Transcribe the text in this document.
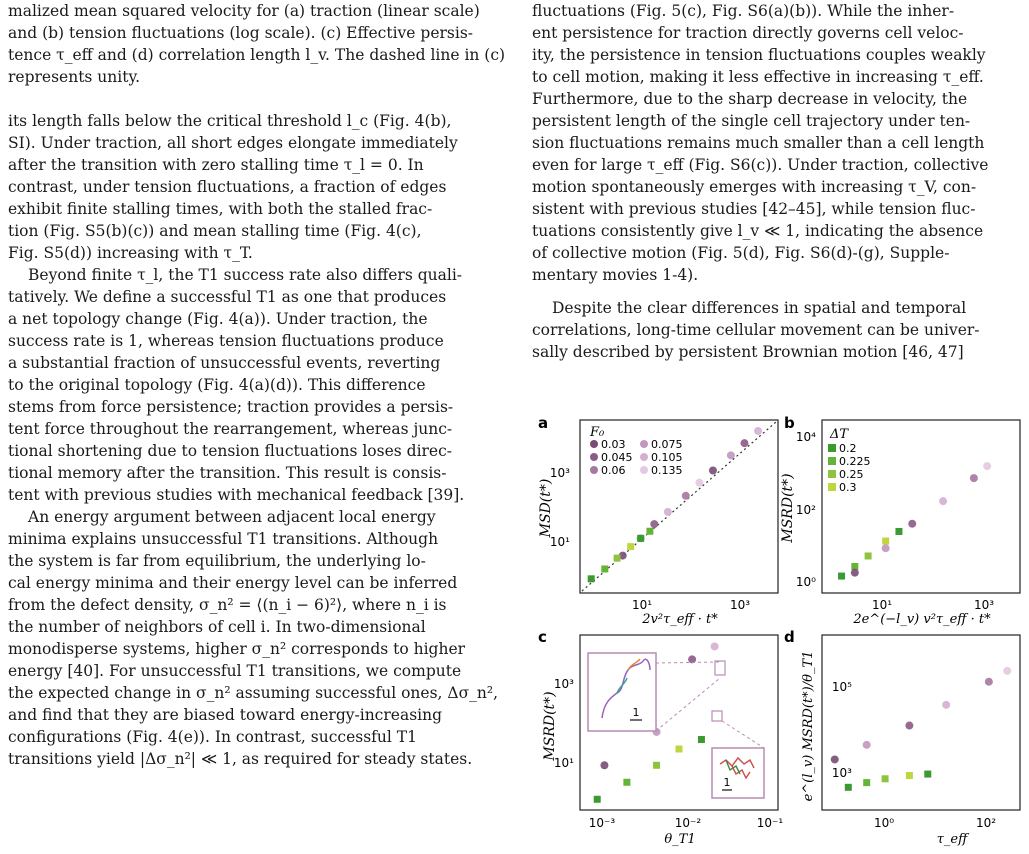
malized mean squared velocity for (a) traction (linear scale)
and (b) tension fluctuations (log scale). (c) Effective persis-
tence τ_eff and (d) correlation length l_v. The dashed line in (c)
represents unity.
its length falls below the critical threshold l_c (Fig. 4(b),
SI). Under traction, all short edges elongate immediately
after the transition with zero stalling time τ_l = 0. In
contrast, under tension fluctuations, a fraction of edges
exhibit finite stalling times, with both the stalled frac-
tion (Fig. S5(b)(c)) and mean stalling time (Fig. 4(c),
Fig. S5(d)) increasing with τ_T.
Beyond finite τ_l, the T1 success rate also differs quali-
tatively. We define a successful T1 as one that produces
a net topology change (Fig. 4(a)). Under traction, the
success rate is 1, whereas tension fluctuations produce
a substantial fraction of unsuccessful events, reverting
to the original topology (Fig. 4(a)(d)). This difference
stems from force persistence; traction provides a persis-
tent force throughout the rearrangement, whereas junc-
tional shortening due to tension fluctuations loses direc-
tional memory after the transition. This result is consis-
tent with previous studies with mechanical feedback [39].
An energy argument between adjacent local energy
minima explains unsuccessful T1 transitions. Although
the system is far from equilibrium, the underlying lo-
cal energy minima and their energy level can be inferred
from the defect density, σ_n² = ⟨(n_i − 6)²⟩, where n_i is
the number of neighbors of cell i. In two-dimensional
monodisperse systems, higher σ_n² corresponds to higher
energy [40]. For unsuccessful T1 transitions, we compute
the expected change in σ_n² assuming successful ones, Δσ_n²,
and find that they are biased toward energy-increasing
configurations (Fig. 4(e)). In contrast, successful T1
transitions yield |Δσ_n²| ≪ 1, as required for steady states.
fluctuations (Fig. 5(c), Fig. S6(a)(b)). While the inher-
ent persistence for traction directly governs cell veloc-
ity, the persistence in tension fluctuations couples weakly
to cell motion, making it less effective in increasing τ_eff.
Furthermore, due to the sharp decrease in velocity, the
persistent length of the single cell trajectory under ten-
sion fluctuations remains much smaller than a cell length
even for large τ_eff (Fig. S6(c)). Under traction, collective
motion spontaneously emerges with increasing τ_V, con-
sistent with previous studies [42–45], while tension fluc-
tuations consistently give l_v ≪ 1, indicating the absence
of collective motion (Fig. 5(d), Fig. S6(d)-(g), Supple-
mentary movies 1-4).
Despite the clear differences in spatial and temporal
correlations, long-time cellular movement can be univer-
sally described by persistent Brownian motion [46, 47]
a	b
c	d
10³
10¹
10¹	10³
2v²τ_eff · t*
MSD(t*)
F₀
0.03 0.075
0.045 0.105
0.06 0.135
10⁴
10²
10⁰
10¹	10³
2e^(−l_v) v²τ_eff · t*
MSRD(t*)
ΔT
0.2
0.225
0.25
0.3
1
1
10³
10¹
10⁻³	10⁻²	10⁻¹
θ_T1
MSRD(t*)
10⁵
10³
10⁰	10²
τ_eff
e^(l_v) MSRD(t*)/θ_T1
